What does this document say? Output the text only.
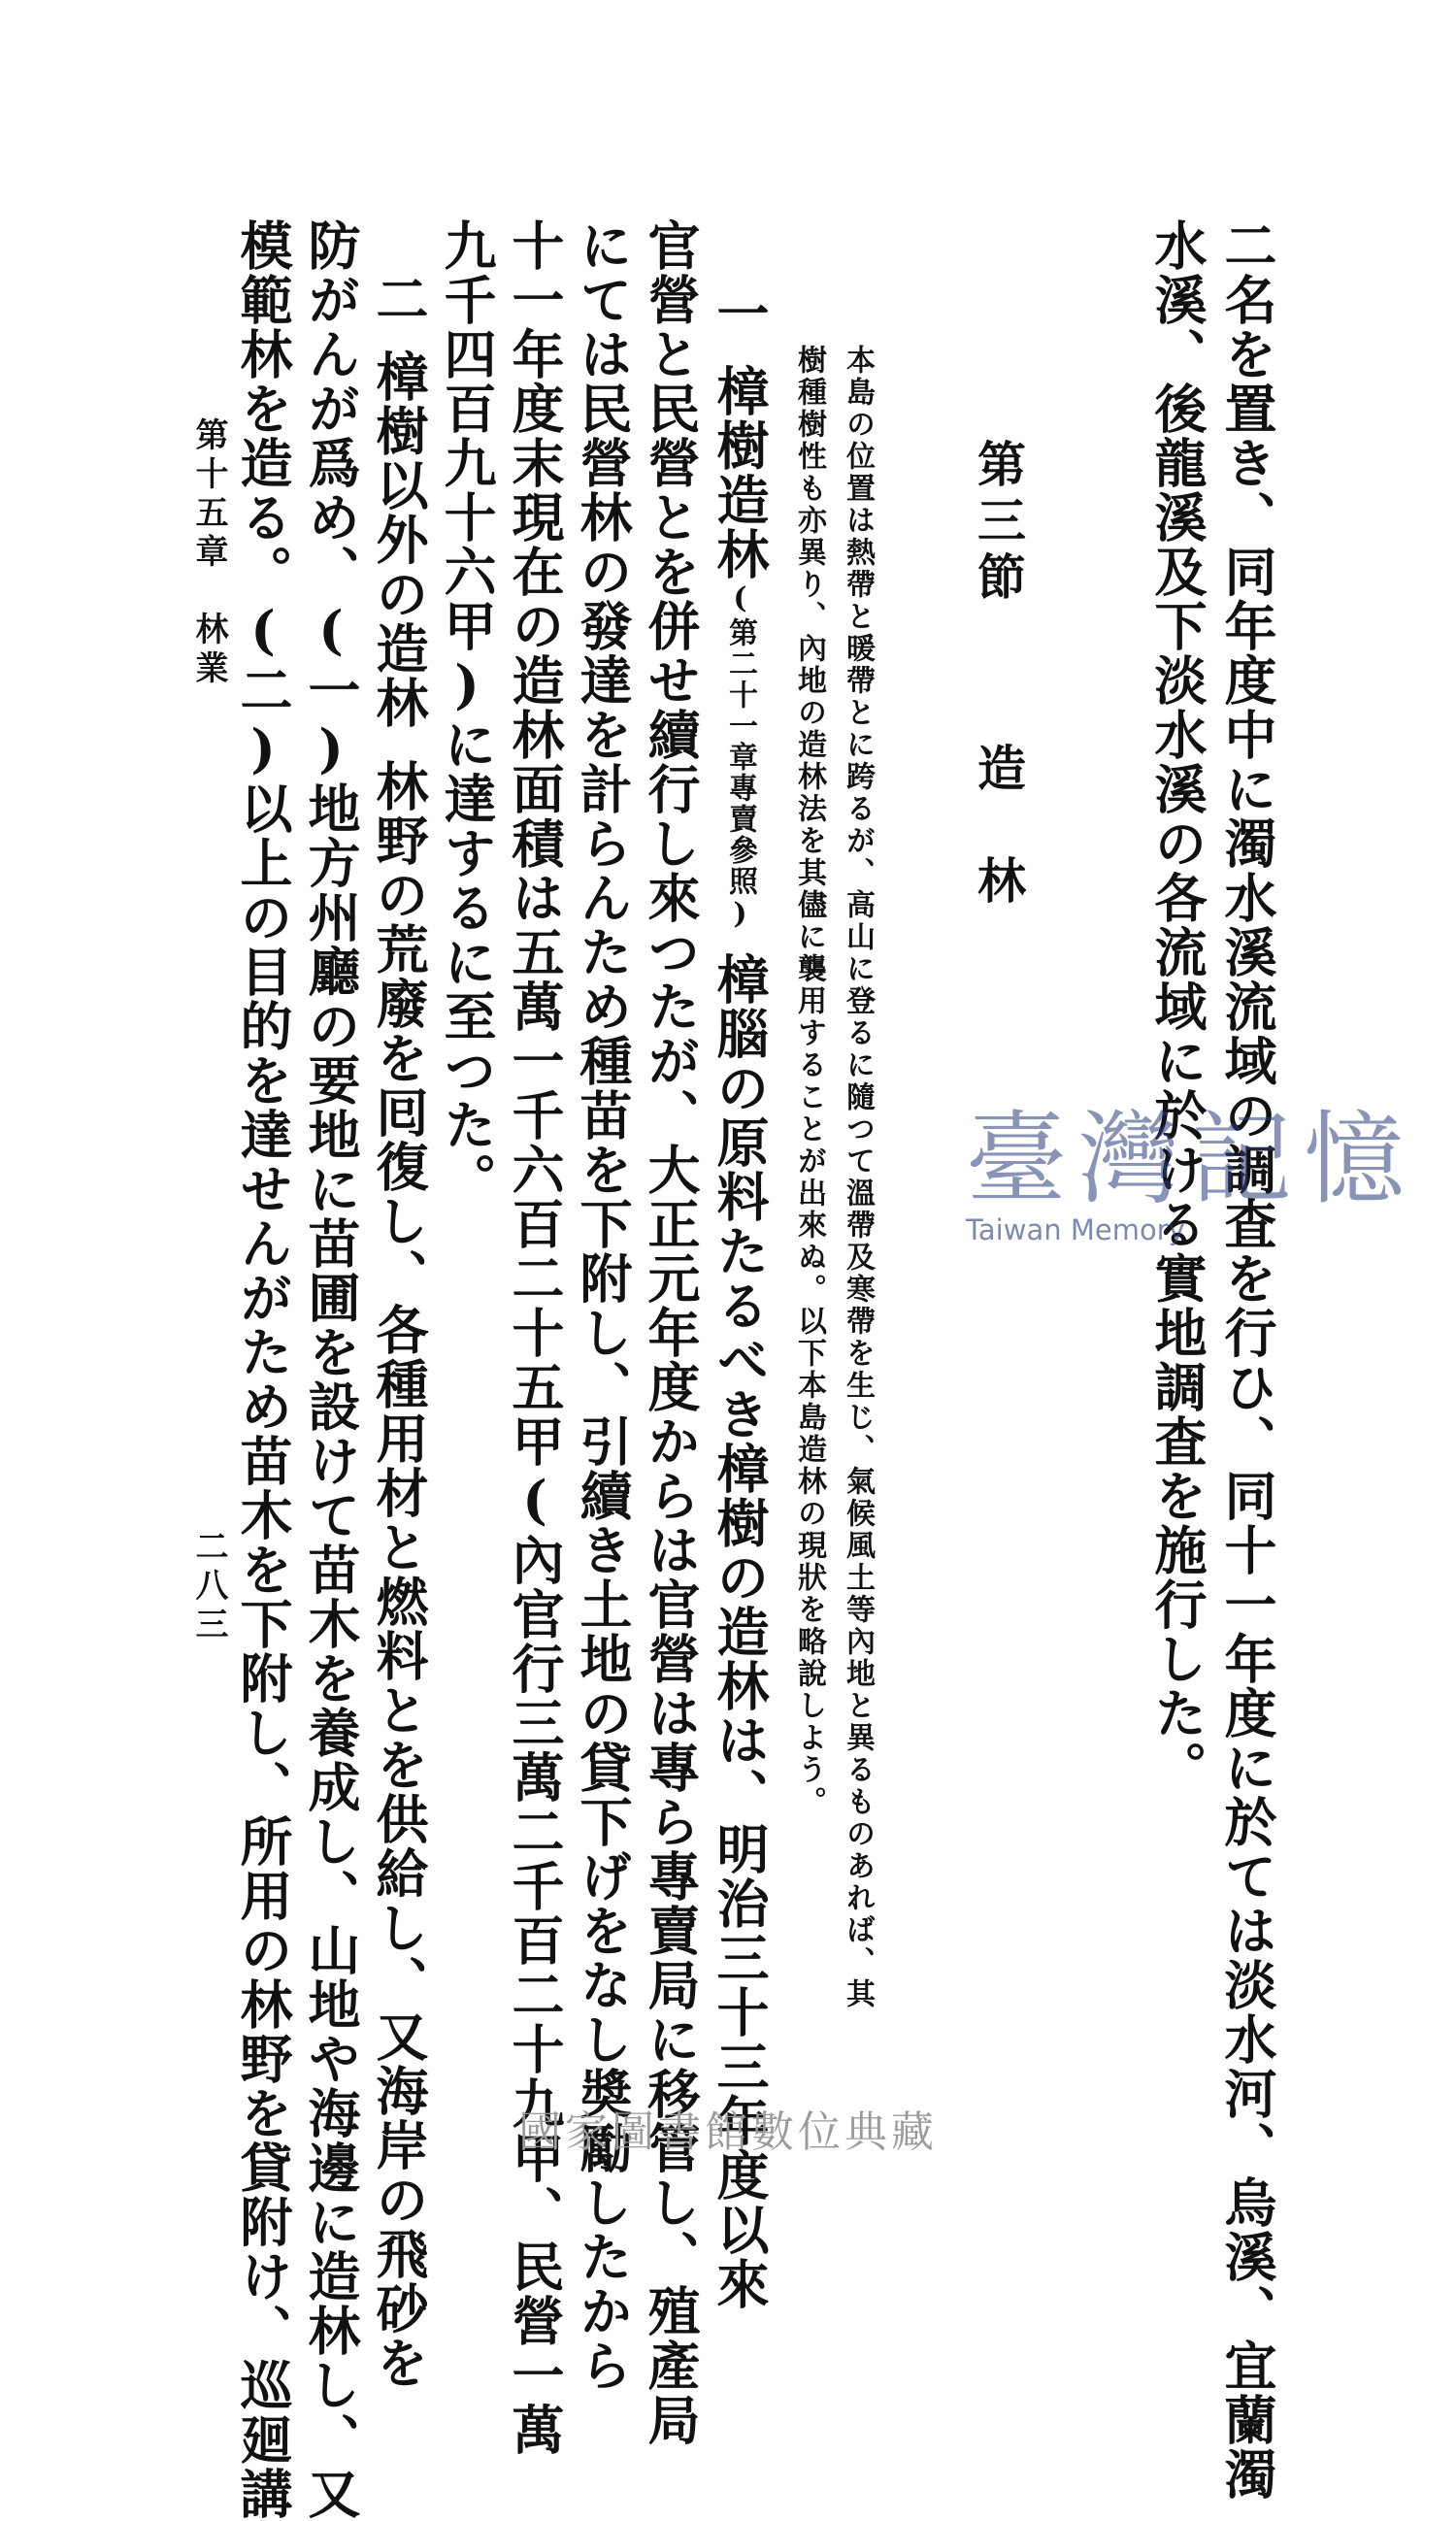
二名を置き、同年度中に濁水溪流域の調査を行ひ、同十一年度に於ては淡水河、烏溪、宜蘭濁
水溪、後龍溪及下淡水溪の各流域に於ける實地調査を施行した。
第三節
造　林
本島の位置は熱帶と暖帶とに跨るが、高山に登るに隨つて溫帶及寒帶を生じ、氣候風土等內地と異るものあれば、其
樹種樹性も亦異り、內地の造林法を其儘に襲用することが出來ぬ。以下本島造林の現狀を略說しよう。
一樟樹造林(第二十一章專賣參照)樟腦の原料たるべき樟樹の造林は、明治三十三年度以來
官營と民營とを併せ續行し來つたが、大正元年度からは官營は專ら專賣局に移管し、殖產局
にては民營林の發達を計らんため種苗を下附し、引續き土地の貸下げをなし奬勵したから
十一年度末現在の造林面積は五萬一千六百二十五甲(內官行三萬二千百二十九甲、民營一萬
九千四百九十六甲)に達するに至つた。
二樟樹以外の造林林野の荒廢を囘復し、各種用材と燃料とを供給し、又海岸の飛砂を
防がんが爲め、(一)地方州廳の要地に苗圃を設けて苗木を養成し、山地や海邊に造林し、又
模範林を造る。(二)以上の目的を達せんがため苗木を下附し、所用の林野を貸附け、巡廻講
第十五章　林業
二八三
臺灣記憶
Taiwan Memory
國家圖書館數位典藏
